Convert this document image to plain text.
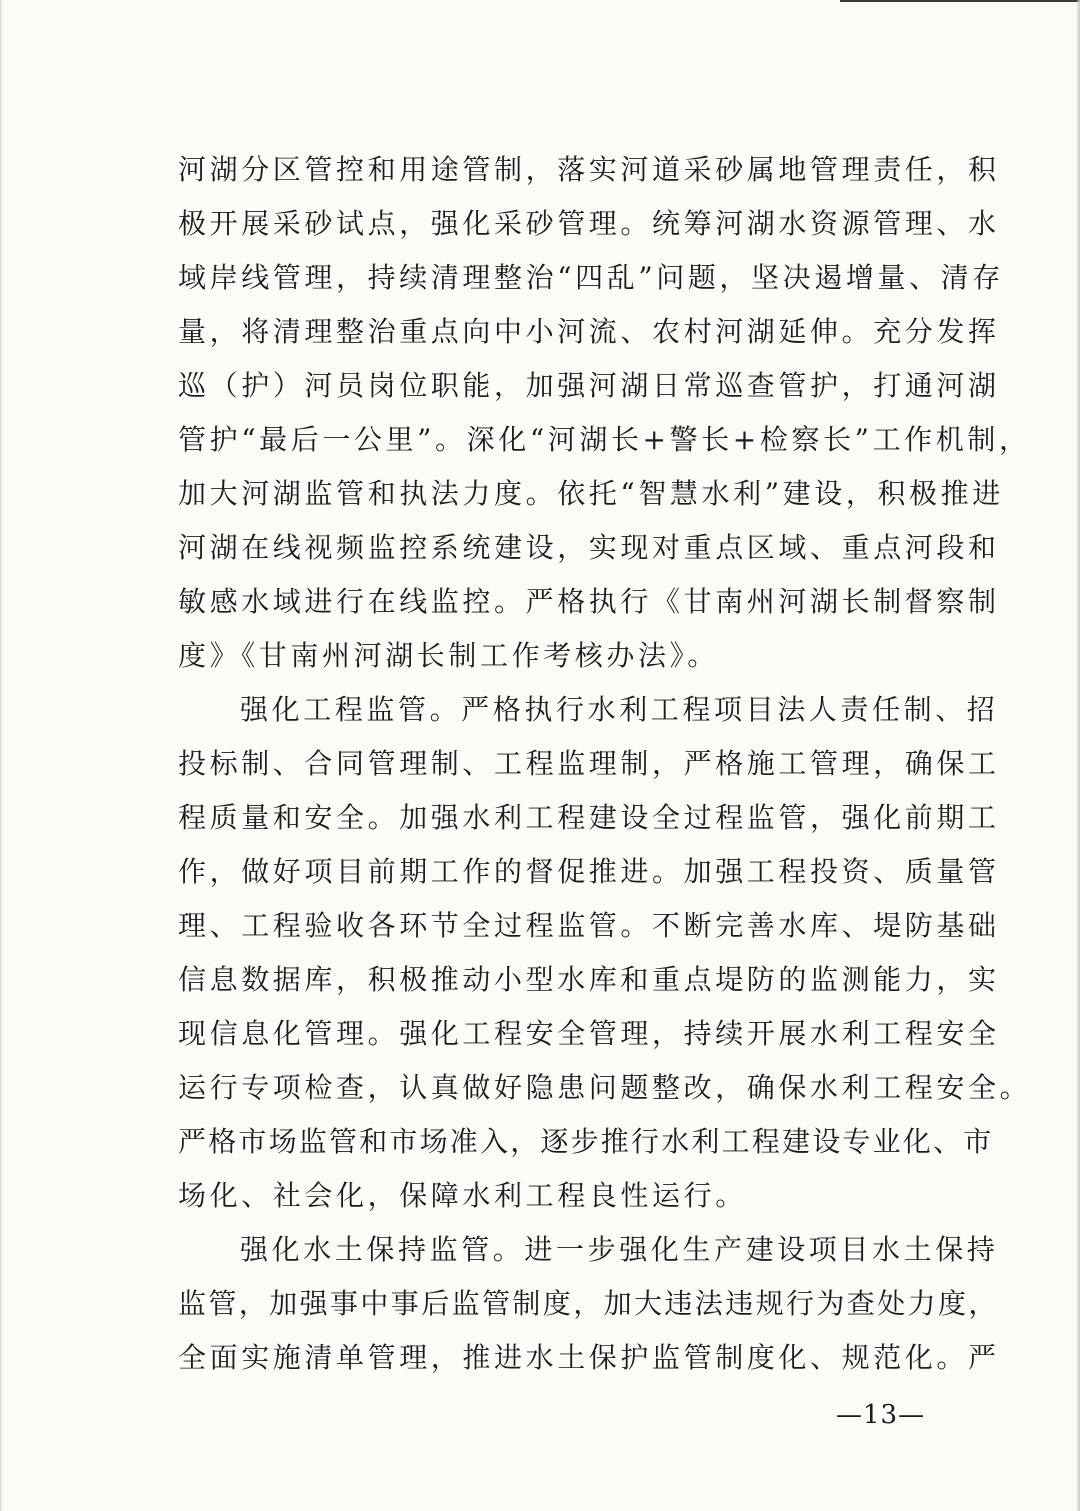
河湖分区管控和用途管制，落实河道采砂属地管理责任，积
极开展采砂试点，强化采砂管理。统筹河湖水资源管理、水
域岸线管理，持续清理整治“四乱”问题，坚决遏增量、清存
量，将清理整治重点向中小河流、农村河湖延伸。充分发挥
巡（护）河员岗位职能，加强河湖日常巡查管护，打通河湖
管护“最后一公里”。深化“河湖长+警长+检察长”工作机制，
加大河湖监管和执法力度。依托“智慧水利”建设，积极推进
河湖在线视频监控系统建设，实现对重点区域、重点河段和
敏感水域进行在线监控。严格执行《甘南州河湖长制督察制
度》《甘南州河湖长制工作考核办法》。
强化工程监管。严格执行水利工程项目法人责任制、招
投标制、合同管理制、工程监理制，严格施工管理，确保工
程质量和安全。加强水利工程建设全过程监管，强化前期工
作，做好项目前期工作的督促推进。加强工程投资、质量管
理、工程验收各环节全过程监管。不断完善水库、堤防基础
信息数据库，积极推动小型水库和重点堤防的监测能力，实
现信息化管理。强化工程安全管理，持续开展水利工程安全
运行专项检查，认真做好隐患问题整改，确保水利工程安全。
严格市场监管和市场准入，逐步推行水利工程建设专业化、市
场化、社会化，保障水利工程良性运行。
强化水土保持监管。进一步强化生产建设项目水土保持
监管，加强事中事后监管制度，加大违法违规行为查处力度，
全面实施清单管理，推进水土保护监管制度化、规范化。严
—13—
